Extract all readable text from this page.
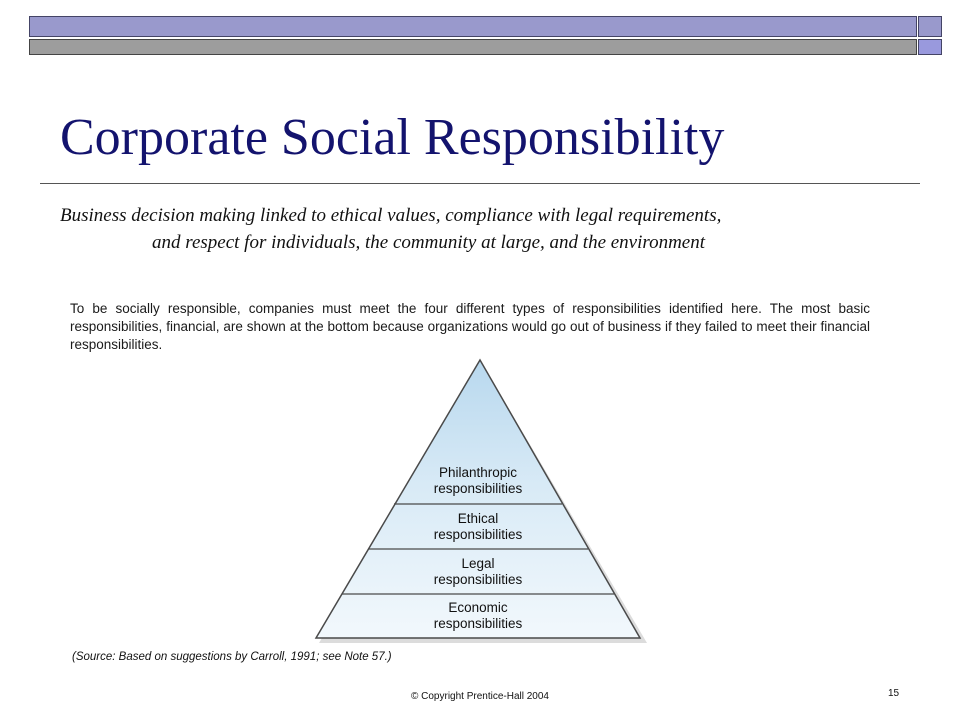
Corporate Social Responsibility
Business decision making linked to ethical values, compliance with legal requirements,
and respect for individuals, the community at large, and the environment
To be socially responsible, companies must meet the four different types of responsibilities identified here. The most basic responsibilities, financial, are shown at the bottom because organizations would go out of business if they failed to meet their financial responsibilities.
Philanthropic
responsibilities
Ethical
responsibilities
Legal
responsibilities
Economic
responsibilities
(Source: Based on suggestions by Carroll, 1991; see Note 57.)
© Copyright Prentice-Hall 2004	15
